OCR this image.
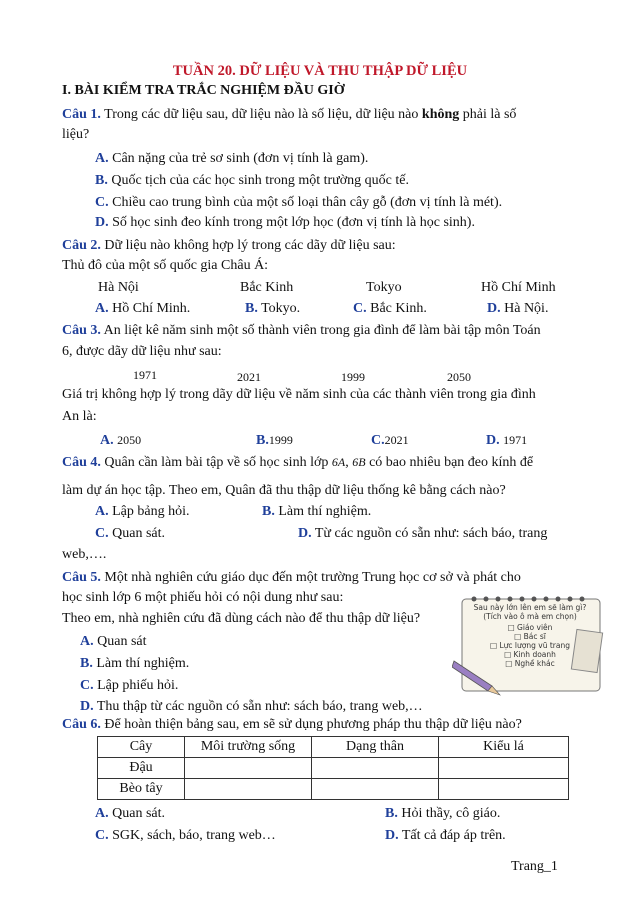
TUẦN 20. DỮ LIỆU VÀ THU THẬP DỮ LIỆU
I. BÀI KIỂM TRA TRẮC NGHIỆM ĐẦU GIỜ
Câu 1. Trong các dữ liệu sau, dữ liệu nào là số liệu, dữ liệu nào không phải là số
liệu?
A. Cân nặng của trẻ sơ sinh (đơn vị tính là gam).
B. Quốc tịch của các học sinh trong một trường quốc tế.
C. Chiều cao trung bình của một số loại thân cây gỗ (đơn vị tính là mét).
D. Số học sinh đeo kính trong một lớp học (đơn vị tính là học sinh).
Câu 2. Dữ liệu nào không hợp lý trong các dãy dữ liệu sau:
Thủ đô của một số quốc gia Châu Á:
Hà Nội	Bắc Kinh	Tokyo	Hồ Chí Minh
A. Hồ Chí Minh.	B. Tokyo.	C. Bắc Kinh.	D. Hà Nội.
Câu 3. An liệt kê năm sinh một số thành viên trong gia đình để làm bài tập môn Toán
6, được dãy dữ liệu như sau:
1971	2021	1999	2050
Giá trị không hợp lý trong dãy dữ liệu về năm sinh của các thành viên trong gia đình
An là:
A. 2050	B.1999	C.2021	D. 1971
Câu 4. Quân cần làm bài tập về số học sinh lớp 6A, 6B có bao nhiêu bạn đeo kính để
làm dự án học tập. Theo em, Quân đã thu thập dữ liệu thống kê bằng cách nào?
A. Lập bảng hỏi.	B. Làm thí nghiệm.
C. Quan sát.	D. Từ các nguồn có sẵn như: sách báo, trang
web,….
Câu 5. Một nhà nghiên cứu giáo dục đến một trường Trung học cơ sở và phát cho
học sinh lớp 6 một phiếu hỏi có nội dung như sau:
Theo em, nhà nghiên cứu đã dùng cách nào để thu thập dữ liệu?
A. Quan sát
B. Làm thí nghiệm.
C. Lập phiếu hỏi.
D. Thu thập từ các nguồn có sẵn như: sách báo, trang web,…
Sau này lớn lên em sẽ làm gì?
(Tích vào ô mà em chọn)
□ Giáo viên
□ Bác sĩ
□ Lực lượng vũ trang
□ Kinh doanh
□ Nghề khác
Câu 6. Để hoàn thiện bảng sau, em sẽ sử dụng phương pháp thu thập dữ liệu nào?
Cây	Môi trường sống	Dạng thân	Kiểu lá
Đậu			
Bèo tây			
A. Quan sát.	B. Hỏi thầy, cô giáo.
C. SGK, sách, báo, trang web…	D. Tất cả đáp áp trên.
Trang_1
